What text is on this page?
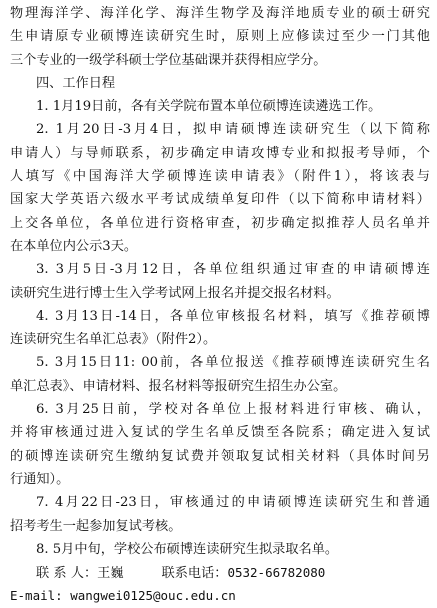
物理海洋学、海洋化学、海洋生物学及海洋地质专业的硕士研究
生申请原专业硕博连读研究生时，原则上应修读过至少一门其他
三个专业的一级学科硕士学位基础课并获得相应学分。
四、工作日程
1. 1月19日前，各有关学院布置本单位硕博连读遴选工作。
2. 1月20日-3月4日，拟申请硕博连读研究生（以下简称
申请人）与导师联系，初步确定申请攻博专业和拟报考导师，个
人填写《中国海洋大学硕博连读申请表》（附件1），将该表与
国家大学英语六级水平考试成绩单复印件（以下简称申请材料）
上交各单位，各单位进行资格审查，初步确定拟推荐人员名单并
在本单位内公示3天。
3. 3月5日-3月12日，各单位组织通过审查的申请硕博连
读研究生进行博士生入学考试网上报名并提交报名材料。
4. 3月13日-14日，各单位审核报名材料，填写《推荐硕博
连读研究生名单汇总表》（附件2）。
5. 3月15日11: 00前，各单位报送《推荐硕博连读研究生名
单汇总表》、申请材料、报名材料等报研究生招生办公室。
6. 3月25日前，学校对各单位上报材料进行审核、确认，
并将审核通过进入复试的学生名单反馈至各院系；确定进入复试
的硕博连读研究生缴纳复试费并领取复试相关材料（具体时间另
行通知）。
7. 4月22日-23日，审核通过的申请硕博连读研究生和普通
招考考生一起参加复试考核。
8. 5月中旬，学校公布硕博连读研究生拟录取名单。
联 系 人：王巍	联系电话：0532-66782080
E-mail: wangwei0125@ouc.edu.cn
